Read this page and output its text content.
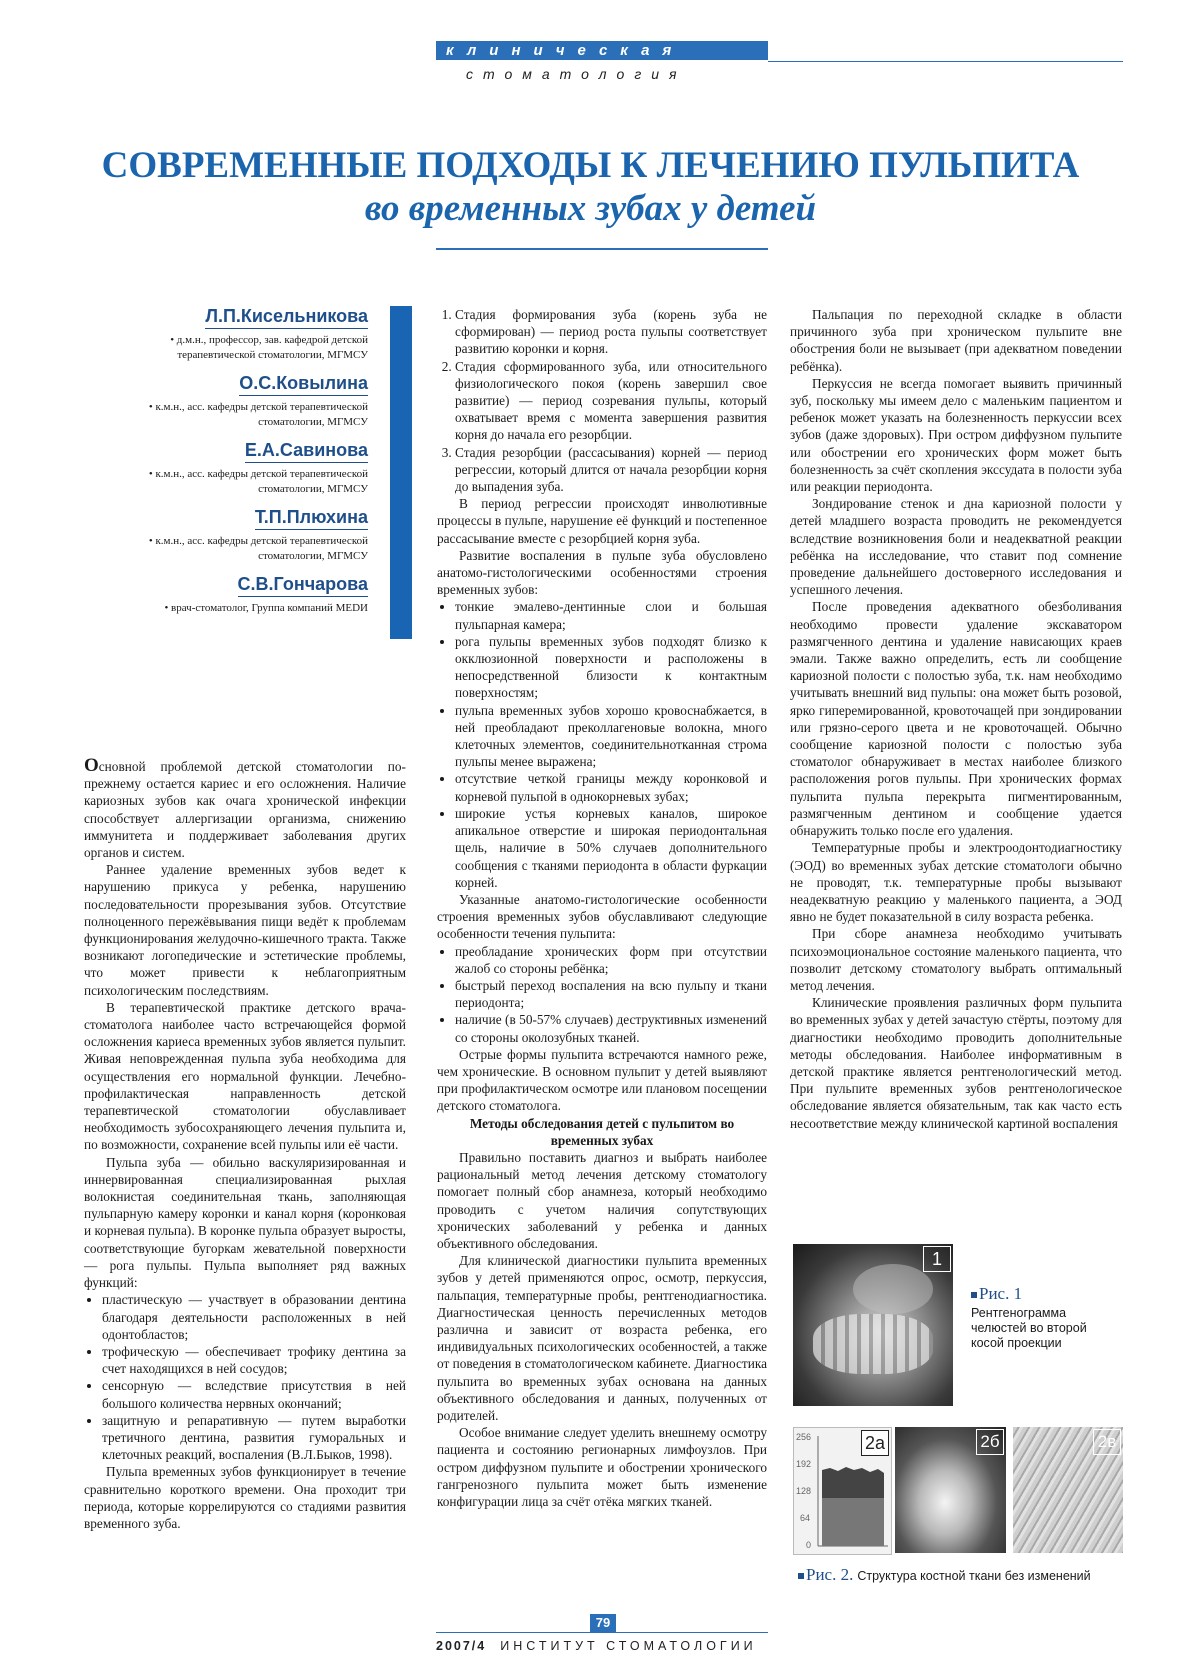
клиническая
стоматология
СОВРЕМЕННЫЕ ПОДХОДЫ К ЛЕЧЕНИЮ ПУЛЬПИТА
во временных зубах у детей
Л.П.Кисельникова
• д.м.н., профессор, зав. кафедрой детской терапевтической стоматологии, МГМСУ
О.С.Ковылина
• к.м.н., асс. кафедры детской терапевтической стоматологии, МГМСУ
Е.А.Савинова
• к.м.н., асс. кафедры детской терапевтической стоматологии, МГМСУ
Т.П.Плюхина
• к.м.н., асс. кафедры детской терапевтической стоматологии, МГМСУ
С.В.Гончарова
• врач-стоматолог, Группа компаний MEDИ

Основной проблемой детской стоматологии по-прежнему остается кариес и его осложнения. Наличие кариозных зубов как очага хронической инфекции способствует аллергизации организма, снижению иммунитета и поддерживает заболевания других органов и систем.

Раннее удаление временных зубов ведет к нарушению прикуса у ребенка, нарушению последовательности прорезывания зубов. Отсутствие полноценного пережёвывания пищи ведёт к проблемам функционирования желудочно-кишечного тракта. Также возникают логопедические и эстетические проблемы, что может привести к неблагоприятным психологическим последствиям.

В терапевтической практике детского врача-стоматолога наиболее часто встречающейся формой осложнения кариеса временных зубов является пульпит. Живая неповрежденная пульпа зуба необходима для осуществления его нормальной функции. Лечебно-профилактическая направленность детской терапевтической стоматологии обуславливает необходимость зубосохраняющего лечения пульпита и, по возможности, сохранение всей пульпы или её части.

Пульпа зуба — обильно васкуляризированная и иннервированная специализированная рыхлая волокнистая соединительная ткань, заполняющая пульпарную камеру коронки и канал корня (коронковая и корневая пульпа). В коронке пульпа образует выросты, соответствующие бугоркам жевательной поверхности — рога пульпы. Пульпа выполняет ряд важных функций:

• пластическую — участвует в образовании дентина благодаря деятельности расположенных в ней одонтобластов;
• трофическую — обеспечивает трофику дентина за счет находящихся в ней сосудов;
• сенсорную — вследствие присутствия в ней большого количества нервных окончаний;
• защитную и репаративную — путем выработки третичного дентина, развития гуморальных и клеточных реакций, воспаления (В.Л.Быков, 1998).

Пульпа временных зубов функционирует в течение сравнительно короткого времени. Она проходит три периода, которые коррелируются со стадиями развития временного зуба.

1. Стадия формирования зуба (корень зуба не сформирован) — период роста пульпы соответствует развитию коронки и корня.
2. Стадия сформированного зуба, или относительного физиологического покоя (корень завершил свое развитие) — период созревания пульпы, который охватывает время с момента завершения развития корня до начала его резорбции.
3. Стадия резорбции (рассасывания) корней — период регрессии, который длится от начала резорбции корня до выпадения зуба.

В период регрессии происходят инволютивные процессы в пульпе, нарушение её функций и постепенное рассасывание вместе с резорбцией корня зуба.

Развитие воспаления в пульпе зуба обусловлено анатомо-гистологическими особенностями строения временных зубов:

• тонкие эмалево-дентинные слои и большая пульпарная камера;
• рога пульпы временных зубов подходят близко к окклюзионной поверхности и расположены в непосредственной близости к контактным поверхностям;
• пульпа временных зубов хорошо кровоснабжается, в ней преобладают преколлагеновые волокна, много клеточных элементов, соединительнотканная строма пульпы менее выражена;
• отсутствие четкой границы между коронковой и корневой пульпой в однокорневых зубах;
• широкие устья корневых каналов, широкое апикальное отверстие и широкая периодонтальная щель, наличие в 50% случаев дополнительного сообщения с тканями периодонта в области фуркации корней.

Указанные анатомо-гистологические особенности строения временных зубов обуславливают следующие особенности течения пульпита:

• преобладание хронических форм при отсутствии жалоб со стороны ребёнка;
• быстрый переход воспаления на всю пульпу и ткани периодонта;
• наличие (в 50-57% случаев) деструктивных изменений со стороны околозубных тканей.

Острые формы пульпита встречаются намного реже, чем хронические. В основном пульпит у детей выявляют при профилактическом осмотре или плановом посещении детского стоматолога.

Методы обследования детей с пульпитом во временных зубах

Правильно поставить диагноз и выбрать наиболее рациональный метод лечения детскому стоматологу помогает полный сбор анамнеза, который необходимо проводить с учетом наличия сопутствующих хронических заболеваний у ребенка и данных объективного обследования.

Для клинической диагностики пульпита временных зубов у детей применяются опрос, осмотр, перкуссия, пальпация, температурные пробы, рентгенодиагностика. Диагностическая ценность перечисленных методов различна и зависит от возраста ребенка, его индивидуальных психологических особенностей, а также от поведения в стоматологическом кабинете. Диагностика пульпита во временных зубах основана на данных объективного обследования и данных, полученных от родителей.

Особое внимание следует уделить внешнему осмотру пациента и состоянию регионарных лимфоузлов. При остром диффузном пульпите и обострении хронического гангренозного пульпита может быть изменение конфигурации лица за счёт отёка мягких тканей.

Пальпация по переходной складке в области причинного зуба при хроническом пульпите вне обострения боли не вызывает (при адекватном поведении ребёнка).

Перкуссия не всегда помогает выявить причинный зуб, поскольку мы имеем дело с маленьким пациентом и ребенок может указать на болезненность перкуссии всех зубов (даже здоровых). При остром диффузном пульпите или обострении его хронических форм может быть болезненность за счёт скопления экссудата в полости зуба или реакции периодонта.

Зондирование стенок и дна кариозной полости у детей младшего возраста проводить не рекомендуется вследствие возникновения боли и неадекватной реакции ребёнка на исследование, что ставит под сомнение проведение дальнейшего достоверного исследования и успешного лечения.

После проведения адекватного обезболивания необходимо провести удаление экскаватором размягченного дентина и удаление нависающих краев эмали. Также важно определить, есть ли сообщение кариозной полости с полостью зуба, т.к. нам необходимо учитывать внешний вид пульпы: она может быть розовой, ярко гиперемированной, кровоточащей при зондировании или грязно-серого цвета и не кровоточащей. Обычно сообщение кариозной полости с полостью зуба стоматолог обнаруживает в местах наиболее близкого расположения рогов пульпы. При хронических формах пульпита пульпа перекрыта пигментированным, размягченным дентином и сообщение удается обнаружить только после его удаления.

Температурные пробы и электроодонтодиагностику (ЭОД) во временных зубах детские стоматологи обычно не проводят, т.к. температурные пробы вызывают неадекватную реакцию у маленького пациента, а ЭОД явно не будет показательной в силу возраста ребенка.

При сборе анамнеза необходимо учитывать психоэмоциональное состояние маленького пациента, что позволит детскому стоматологу выбрать оптимальный метод лечения.

Клинические проявления различных форм пульпита во временных зубах у детей зачастую стёрты, поэтому для диагностики необходимо проводить дополнительные методы обследования. Наиболее информативным в детской практике является рентгенологический метод. При пульпите временных зубов рентгенологическое обследование является обязательным, так как часто есть несоответствие между клинической картиной воспаления

1
Рис. 1
Рентгенограмма челюстей во второй косой проекции
256
192
128
64
0
2а	2б	2в
Рис. 2. Структура костной ткани без изменений
79
2007/4 ИНСТИТУТ СТОМАТОЛОГИИ
